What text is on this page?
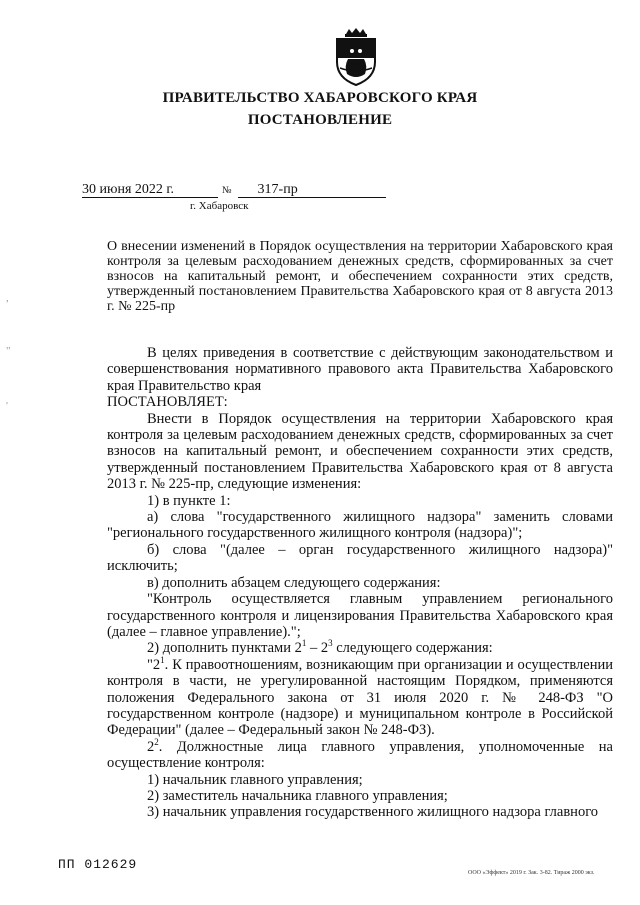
ПРАВИТЕЛЬСТВО ХАБАРОВСКОГО КРАЯ
ПОСТАНОВЛЕНИЕ
30 июня 2022 г.	№ 317-пр
г. Хабаровск
О внесении изменений в Порядок осуществления на территории Хабаровского края контроля за целевым расходованием денежных средств, сформированных за счет взносов на капитальный ремонт, и обеспечением сохранности этих средств, утвержденный постановлением Правительства Хабаровского края от 8 августа 2013 г. № 225-пр

В целях приведения в соответствие с действующим законодательством и совершенствования нормативного правового акта Правительства Хабаровского края Правительство края

ПОСТАНОВЛЯЕТ:

Внести в Порядок осуществления на территории Хабаровского края контроля за целевым расходованием денежных средств, сформированных за счет взносов на капитальный ремонт, и обеспечением сохранности этих средств, утвержденный постановлением Правительства Хабаровского края от 8 августа 2013 г. № 225-пр, следующие изменения:

1) в пункте 1:

а) слова "государственного жилищного надзора" заменить словами "регионального государственного жилищного контроля (надзора)";

б) слова "(далее – орган государственного жилищного надзора)" исключить;

в) дополнить абзацем следующего содержания:

"Контроль осуществляется главным управлением регионального государственного контроля и лицензирования Правительства Хабаровского края (далее – главное управление).";

2) дополнить пунктами $2^1 - 2^3$ следующего содержания:

"$2^1$. К правоотношениям, возникающим при организации и осуществлении контроля в части, не урегулированной настоящим Порядком, применяются положения Федерального закона от 31 июля 2020 г. № 248-ФЗ "О государственном контроле (надзоре) и муниципальном контроле в Российской Федерации" (далее – Федеральный закон № 248-ФЗ).

$2^2$. Должностные лица главного управления, уполномоченные на осуществление контроля:

1) начальник главного управления;

2) заместитель начальника главного управления;

3) начальник управления государственного жилищного надзора главного

,
"
'
ПП 012629
ООО «Эффект» 2019 г. Зак. 3-82. Тираж 2000 экз.
